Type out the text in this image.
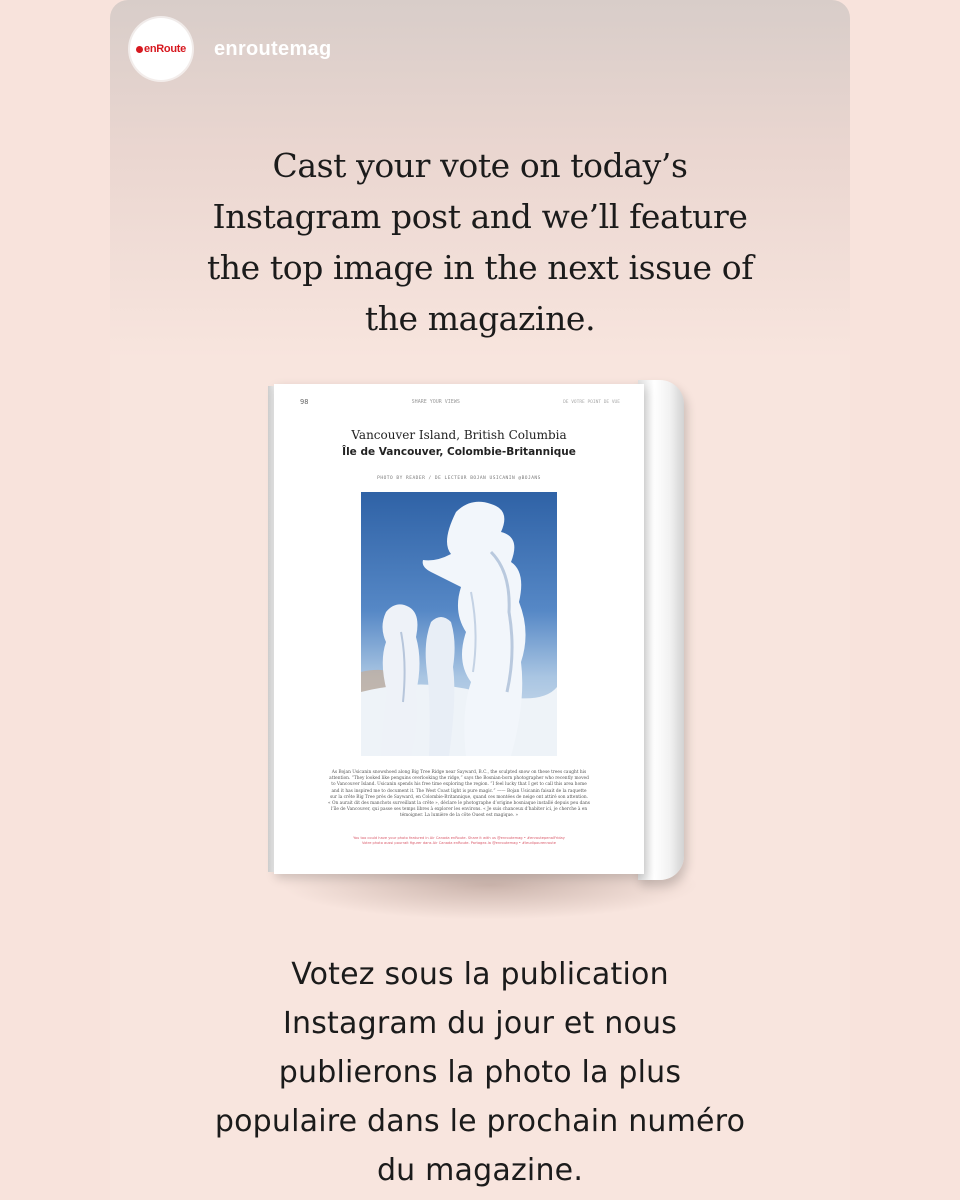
enRoute enroutemag

Cast your vote on today’s Instagram post and we’ll feature the top image in the next issue of the magazine.

98	SHARE YOUR VIEWS	DE VOTRE POINT DE VUE
Vancouver Island, British Columbia
Île de Vancouver, Colombie-Britannique
PHOTO BY READER / DE LECTEUR BOJAN USICANIN @BOJANS

As Bojan Usicanin snowshoed along Big Tree Ridge near Sayward, B.C., the sculpted snow on these trees caught his attention. “They looked like penguins overlooking the ridge,” says the Bosnian-born photographer who recently moved to Vancouver Island. Usicanin spends his free time exploring the region. “I feel lucky that I get to call this area home and it has inspired me to document it. The West Coast light is pure magic.” —— Bojan Usicanin faisait de la raquette sur la crête Big Tree près de Sayward, en Colombie-Britannique, quand ces montées de neige ont attiré son attention. « On aurait dit des manchots surveillant la crête », déclare le photographe d’origine bosniaque installé depuis peu dans l’île de Vancouver, qui passe ses temps libres à explorer les environs. « Je suis chanceux d’habiter ici, je cherche à en témoigner. La lumière de la côte Ouest est magique. »

You too could have your photo featured in Air Canada enRoute. Share it with us @enroutemag • #enroutepenalFriday
Votre photo aussi pourrait figurer dans Air Canada enRoute. Partagez-la @enroutemag • #leudipourenroute

Votez sous la publication Instagram du jour et nous publierons la photo la plus populaire dans le prochain numéro du magazine.
